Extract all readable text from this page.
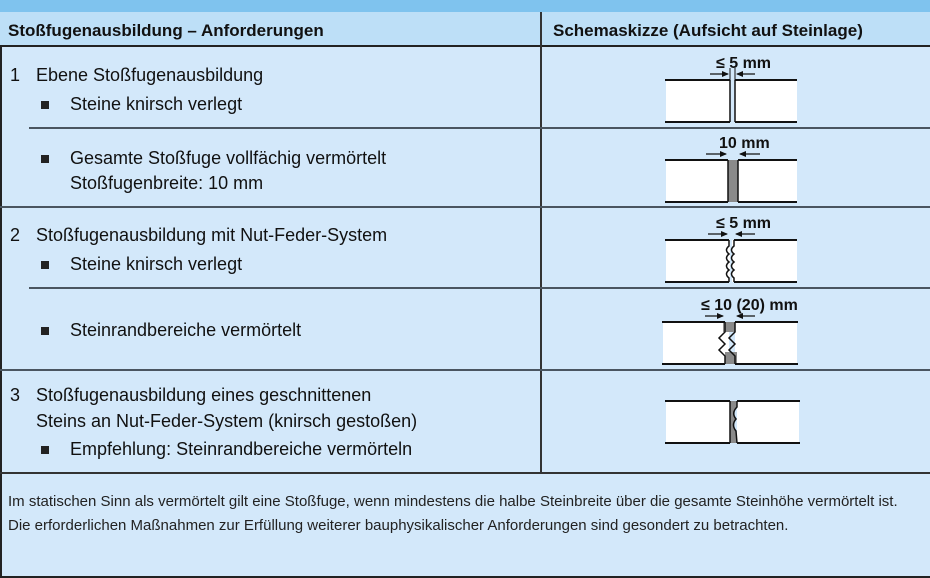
Stoßfugenausbildung – Anforderungen	Schemaskizze (Aufsicht auf Steinlage)
1 Ebene Stoßfugenausbildung
Steine knirsch verlegt
Gesamte Stoßfuge vollfächig vermörtelt
Stoßfugenbreite: 10 mm
2 Stoßfugenausbildung mit Nut-Feder-System
Steine knirsch verlegt
Steinrandbereiche vermörtelt
3 Stoßfugenausbildung eines geschnittenen
Steins an Nut-Feder-System (knirsch gestoßen)
Empfehlung: Steinrandbereiche vermörteln
≤ 5 mm
10 mm
≤ 5 mm
≤ 10 (20) mm
Im statischen Sinn als vermörtelt gilt eine Stoßfuge, wenn mindestens die halbe Steinbreite über die gesamte Steinhöhe vermörtelt ist. Die erforderlichen Maßnahmen zur Erfüllung weiterer bauphysikalischer Anforderungen sind gesondert zu betrachten.
